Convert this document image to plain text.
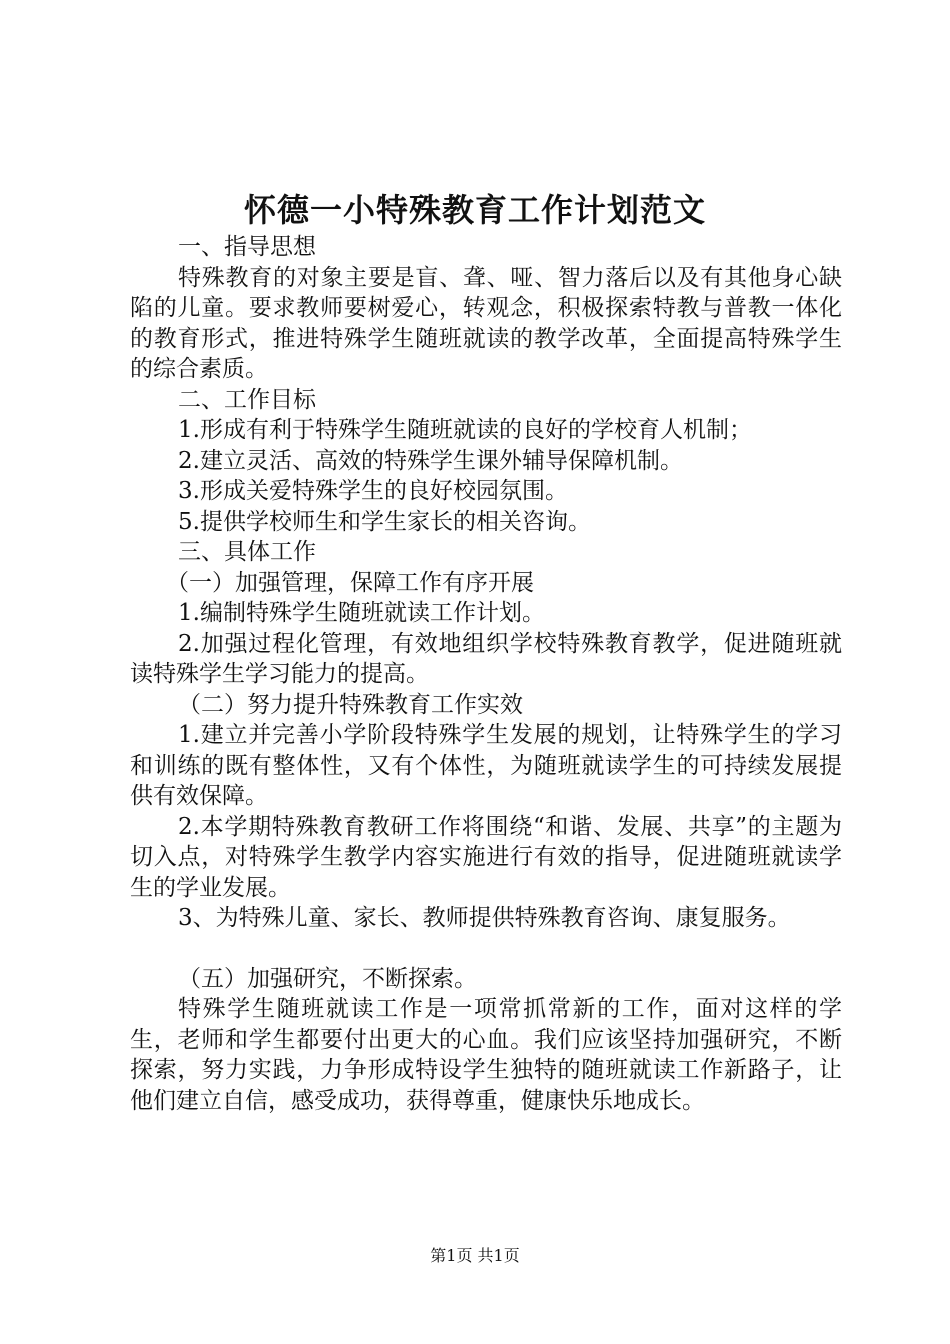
怀德一小特殊教育工作计划范文

一、指导思想

特殊教育的对象主要是盲、聋、哑、智力落后以及有其他身心缺陷的儿童。要求教师要树爱心，转观念，积极探索特教与普教一体化的教育形式，推进特殊学生随班就读的教学改革，全面提高特殊学生的综合素质。

二、工作目标

1.形成有利于特殊学生随班就读的良好的学校育人机制；

2.建立灵活、高效的特殊学生课外辅导保障机制。

3.形成关爱特殊学生的良好校园氛围。

5.提供学校师生和学生家长的相关咨询。

三、具体工作

（一）加强管理，保障工作有序开展

1.编制特殊学生随班就读工作计划。

2.加强过程化管理，有效地组织学校特殊教育教学，促进随班就读特殊学生学习能力的提高。

（二）努力提升特殊教育工作实效

1.建立并完善小学阶段特殊学生发展的规划，让特殊学生的学习和训练的既有整体性，又有个体性，为随班就读学生的可持续发展提供有效保障。

2.本学期特殊教育教研工作将围绕“和谐、发展、共享”的主题为切入点，对特殊学生教学内容实施进行有效的指导，促进随班就读学生的学业发展。

3、为特殊儿童、家长、教师提供特殊教育咨询、康复服务。

（五）加强研究，不断探索。

特殊学生随班就读工作是一项常抓常新的工作，面对这样的学生，老师和学生都要付出更大的心血。我们应该坚持加强研究，不断探索，努力实践，力争形成特设学生独特的随班就读工作新路子，让他们建立自信，感受成功，获得尊重，健康快乐地成长。

第1页 共1页
